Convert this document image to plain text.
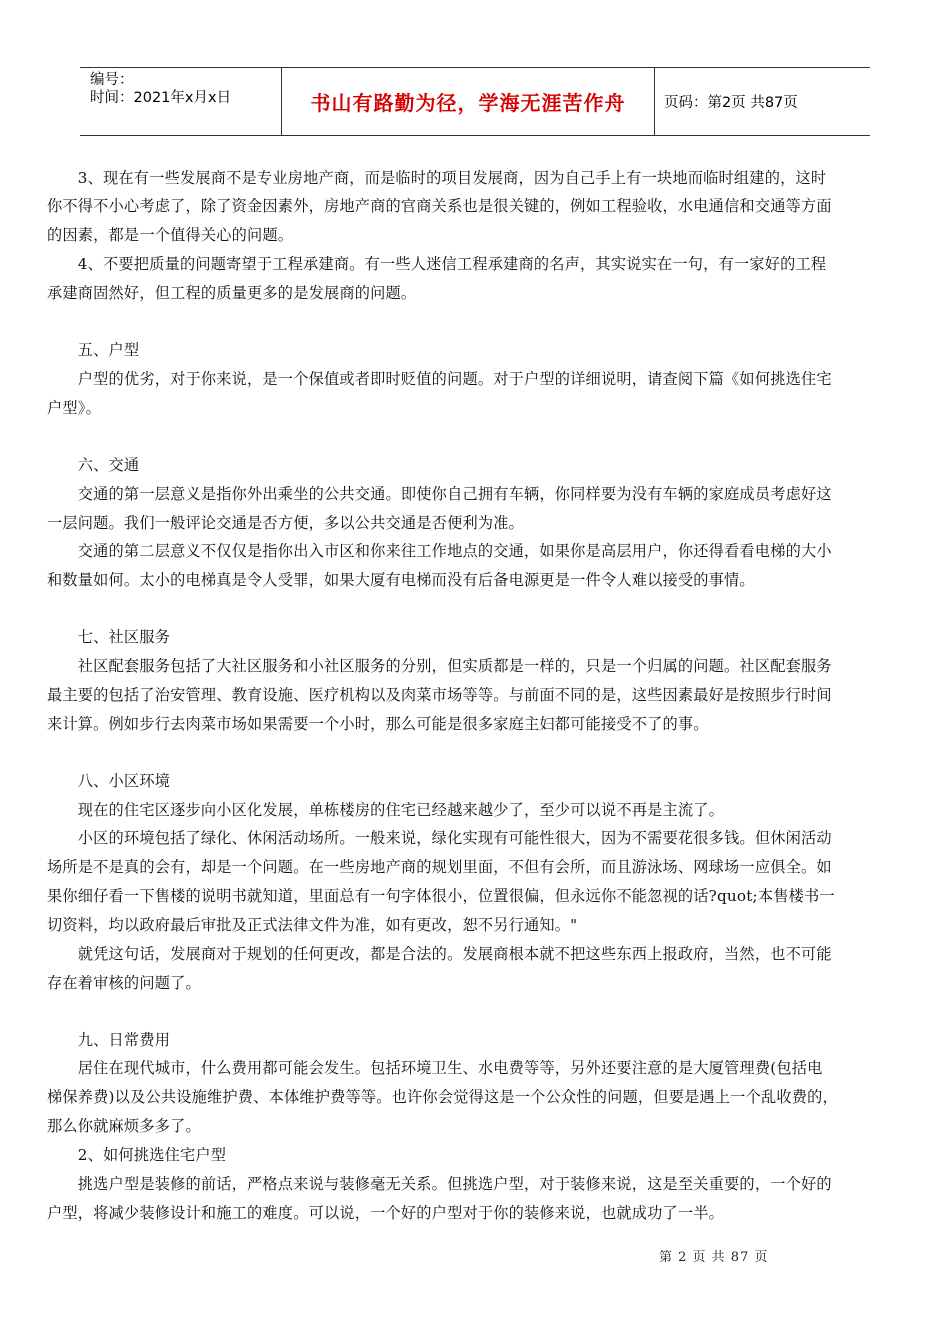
编号：
时间：2021年x月x日	书山有路勤为径，学海无涯苦作舟	页码：第2页 共87页
　　3、现在有一些发展商不是专业房地产商，而是临时的项目发展商，因为自己手上有一块地而临时组建的，这时
你不得不小心考虑了，除了资金因素外，房地产商的官商关系也是很关键的，例如工程验收，水电通信和交通等方面
的因素，都是一个值得关心的问题。
　　4、不要把质量的问题寄望于工程承建商。有一些人迷信工程承建商的名声，其实说实在一句，有一家好的工程
承建商固然好，但工程的质量更多的是发展商的问题。
　　五、户型
　　户型的优劣，对于你来说，是一个保值或者即时贬值的问题。对于户型的详细说明，请查阅下篇《如何挑选住宅
户型》。
　　六、交通
　　交通的第一层意义是指你外出乘坐的公共交通。即使你自己拥有车辆，你同样要为没有车辆的家庭成员考虑好这
一层问题。我们一般评论交通是否方便，多以公共交通是否便利为准。
　　交通的第二层意义不仅仅是指你出入市区和你来往工作地点的交通，如果你是高层用户，你还得看看电梯的大小
和数量如何。太小的电梯真是令人受罪，如果大厦有电梯而没有后备电源更是一件令人难以接受的事情。
　　七、社区服务
　　社区配套服务包括了大社区服务和小社区服务的分别，但实质都是一样的，只是一个归属的问题。社区配套服务
最主要的包括了治安管理、教育设施、医疗机构以及肉菜市场等等。与前面不同的是，这些因素最好是按照步行时间
来计算。例如步行去肉菜市场如果需要一个小时，那么可能是很多家庭主妇都可能接受不了的事。
　　八、小区环境
　　现在的住宅区逐步向小区化发展，单栋楼房的住宅已经越来越少了，至少可以说不再是主流了。
　　小区的环境包括了绿化、休闲活动场所。一般来说，绿化实现有可能性很大，因为不需要花很多钱。但休闲活动
场所是不是真的会有，却是一个问题。在一些房地产商的规划里面，不但有会所，而且游泳场、网球场一应俱全。如
果你细仔看一下售楼的说明书就知道，里面总有一句字体很小，位置很偏，但永远你不能忽视的话?quot;本售楼书一
切资料，均以政府最后审批及正式法律文件为准，如有更改，恕不另行通知。"
　　就凭这句话，发展商对于规划的任何更改，都是合法的。发展商根本就不把这些东西上报政府，当然，也不可能
存在着审核的问题了。
　　九、日常费用
　　居住在现代城市，什么费用都可能会发生。包括环境卫生、水电费等等，另外还要注意的是大厦管理费(包括电
梯保养费)以及公共设施维护费、本体维护费等等。也许你会觉得这是一个公众性的问题，但要是遇上一个乱收费的，
那么你就麻烦多多了。
　　2、如何挑选住宅户型
　　挑选户型是装修的前话，严格点来说与装修毫无关系。但挑选户型，对于装修来说，这是至关重要的，一个好的
户型，将减少装修设计和施工的难度。可以说，一个好的户型对于你的装修来说，也就成功了一半。
第 2 页 共 87 页
